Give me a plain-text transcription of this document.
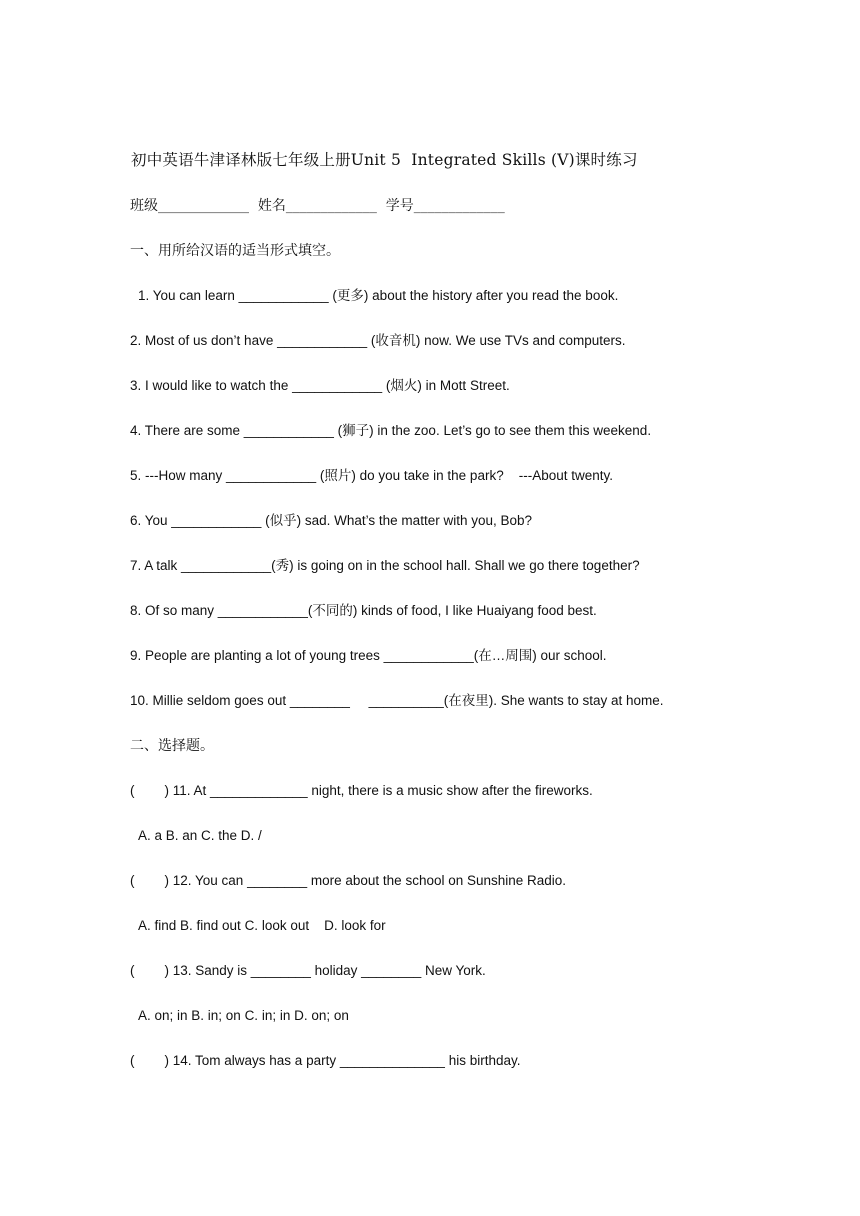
初中英语牛津译林版七年级上册Unit 5  Integrated Skills (V)课时练习
班级_____________  姓名_____________  学号_____________
一、用所给汉语的适当形式填空。
1. You can learn ____________ (更多) about the history after you read the book.
2. Most of us don’t have ____________ (收音机) now. We use TVs and computers.
3. I would like to watch the ____________ (烟火) in Mott Street.
4. There are some ____________ (狮子) in the zoo. Let’s go to see them this weekend.
5. ---How many ____________ (照片) do you take in the park?    ---About twenty.
6. You ____________ (似乎) sad. What’s the matter with you, Bob?
7. A talk ____________(秀) is going on in the school hall. Shall we go there together?
8. Of so many ____________(不同的) kinds of food, I like Huaiyang food best.
9. People are planting a lot of young trees ____________(在…周围) our school.
10. Millie seldom goes out ________     __________(在夜里). She wants to stay at home.
二、选择题。
(        ) 11. At _____________ night, there is a music show after the fireworks.
A. a B. an C. the D. /
(        ) 12. You can ________ more about the school on Sunshine Radio.
A. find B. find out C. look out    D. look for
(        ) 13. Sandy is ________ holiday ________ New York.
A. on; in B. in; on C. in; in D. on; on
(        ) 14. Tom always has a party ______________ his birthday.
